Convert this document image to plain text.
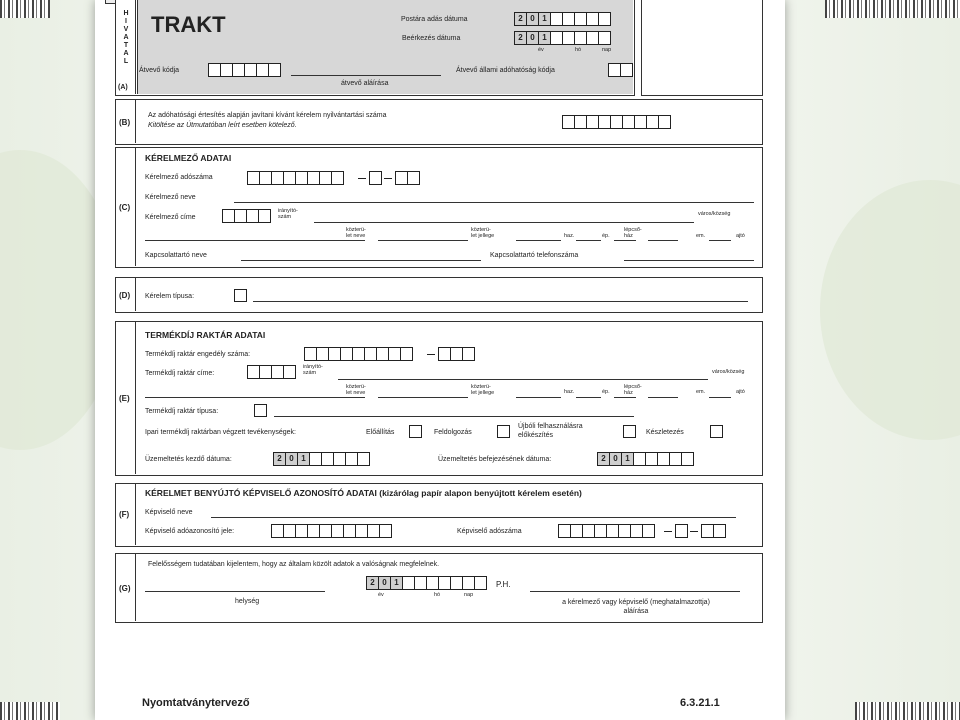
H
I
V
A
T
A
L
(A)
TRAKT	Postára adás dátuma	2 0 1
Beérkezés dátuma	2 0 1
év	hó	nap
Átvevő kódja
átvevő aláírása
Átvevő állami adóhatóság kódja
(B)
Az adóhatósági értesítés alapján javítani kívánt kérelem nyilvántartási száma
Kitöltése az Útmutatóban leírt esetben kötelező.
(C)
KÉRELMEZŐ ADATAI
Kérelmező adószáma
Kérelmező neve
Kérelmező címe
irányító-
szám	város/község
közterü-
let neve
közterü-
let jellege	haz.	ép.
lépcső-
ház	em.	ajtó
Kapcsolattartó neve	Kapcsolattartó telefonszáma
(D) Kérelem típusa:
(E)
TERMÉKDÍJ RAKTÁR ADATAI
Termékdíj raktár engedély száma:
Termékdíj raktár címe:
irányító-
szám	város/község
közterü-
let neve
közterü-
let jellege	haz.	ép.
lépcső-
ház	em.	ajtó
Termékdíj raktár típusa:
Ipari termékdíj raktárban végzett tevékenységek:	Előállítás	Feldolgozás
Újbóli felhasználásra
előkészítés	Készletezés
Üzemeltetés kezdő dátuma:	2 0 1	Üzemeltetés befejezésének dátuma:	2 0 1
(F)
KÉRELMET BENYÚJTÓ KÉPVISELŐ AZONOSÍTÓ ADATAI (kizárólag papír alapon benyújtott kérelem esetén)
Képviselő neve
Képviselő adóazonosító jele:	Képviselő adószáma
(G)
Felelősségem tudatában kijelentem, hogy az általam közölt adatok a valóságnak megfelelnek.
helység
2 0 1
év	hó	nap
P.H.
a kérelmező vagy képviselő (meghatalmazottja)
aláírása
Nyomtatványtervező	6.3.21.1
